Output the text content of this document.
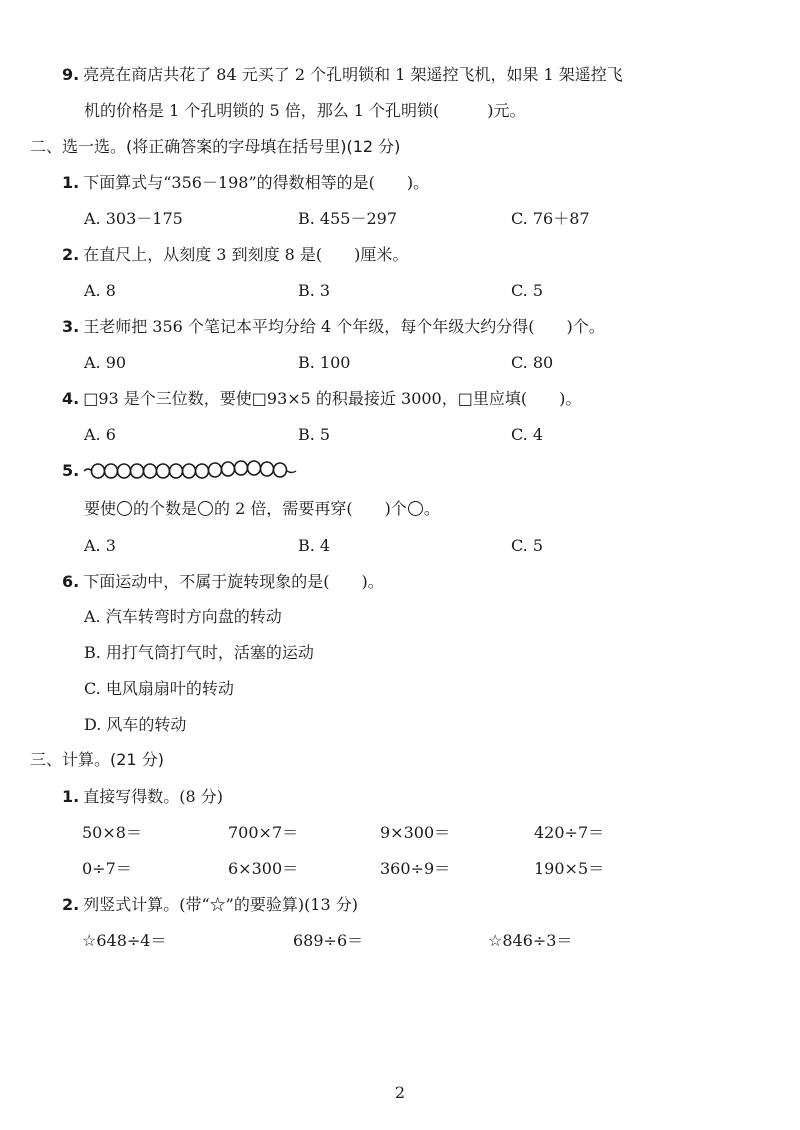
9. 亮亮在商店共花了 84 元买了 2 个孔明锁和 1 架遥控飞机，如果 1 架遥控飞
机的价格是 1 个孔明锁的 5 倍，那么 1 个孔明锁(　　　)元。
二、选一选。(将正确答案的字母填在括号里)(12 分)
1. 下面算式与“356－198”的得数相等的是(　　)。
A. 303－175	B. 455－297	C. 76＋87
2. 在直尺上，从刻度 3 到刻度 8 是(　　)厘米。
A. 8	B. 3	C. 5
3. 王老师把 356 个笔记本平均分给 4 个年级，每个年级大约分得(　　)个。
A. 90	B. 100	C. 80
4. □93 是个三位数，要使□93×5 的积最接近 3000，□里应填(　　)。
A. 6	B. 5	C. 4
5.
要使 的个数是 的 2 倍，需要再穿(　　)个 。
A. 3	B. 4	C. 5
6. 下面运动中，不属于旋转现象的是(　　)。
A. 汽车转弯时方向盘的转动
B. 用打气筒打气时，活塞的运动
C. 电风扇扇叶的转动
D. 风车的转动
三、计算。(21 分)
1. 直接写得数。(8 分)
50×8＝	700×7＝	9×300＝	420÷7＝
0÷7＝	6×300＝	360÷9＝	190×5＝
2. 列竖式计算。(带“☆”的要验算)(13 分)
☆648÷4＝	689÷6＝	☆846÷3＝
2
